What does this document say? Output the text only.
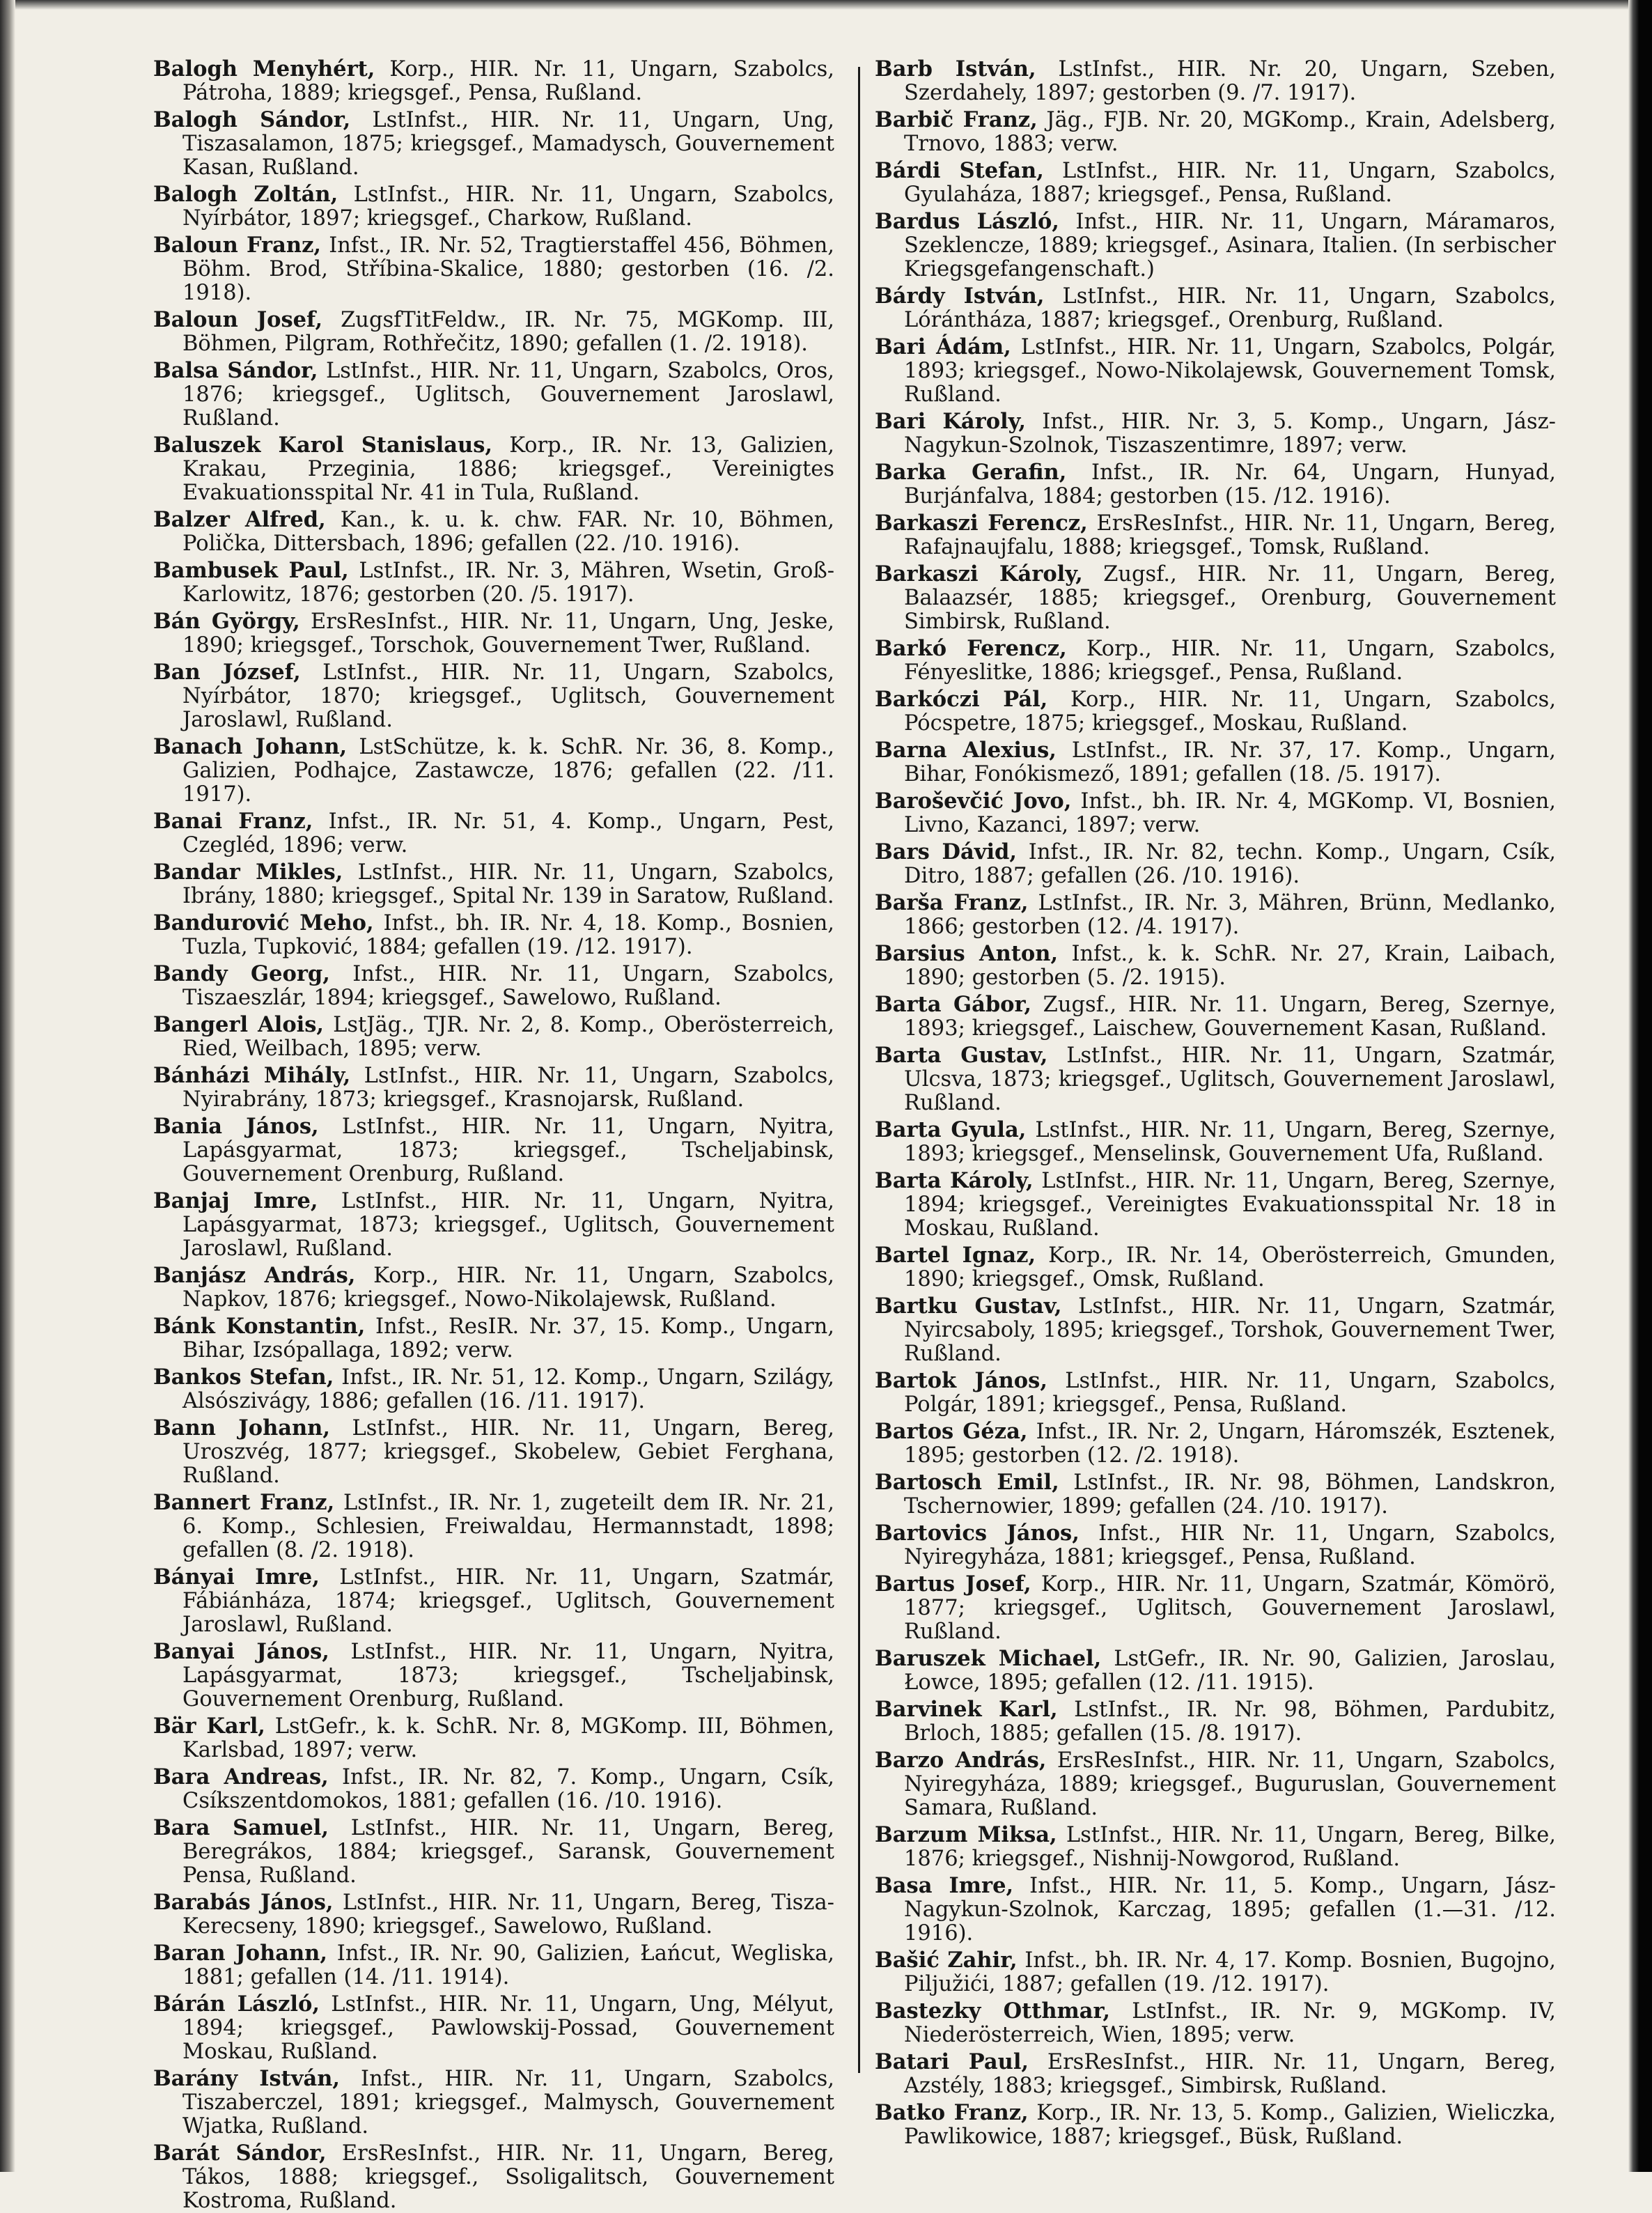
Balogh Menyhért, Korp., HIR. Nr. 11, Ungarn, Szabolcs, Pátroha, 1889; kriegsgef., Pensa, Rußland.

Balogh Sándor, LstInfst., HIR. Nr. 11, Ungarn, Ung, Tiszasalamon, 1875; kriegsgef., Mamadysch, Gouvernement Kasan, Rußland.

Balogh Zoltán, LstInfst., HIR. Nr. 11, Ungarn, Szabolcs, Nyírbátor, 1897; kriegsgef., Charkow, Rußland.

Baloun Franz, Infst., IR. Nr. 52, Tragtierstaffel 456, Böhmen, Böhm. Brod, Stříbina-Skalice, 1880; gestorben (16. /2. 1918).

Baloun Josef, ZugsfTitFeldw., IR. Nr. 75, MGKomp. III, Böhmen, Pilgram, Rothřečitz, 1890; gefallen (1. /2. 1918).

Balsa Sándor, LstInfst., HIR. Nr. 11, Ungarn, Szabolcs, Oros, 1876; kriegsgef., Uglitsch, Gouvernement Jaroslawl, Rußland.

Baluszek Karol Stanislaus, Korp., IR. Nr. 13, Galizien, Krakau, Przeginia, 1886; kriegsgef., Vereinigtes Evakuationsspital Nr. 41 in Tula, Rußland.

Balzer Alfred, Kan., k. u. k. chw. FAR. Nr. 10, Böhmen, Polička, Dittersbach, 1896; gefallen (22. /10. 1916).

Bambusek Paul, LstInfst., IR. Nr. 3, Mähren, Wsetin, Groß-Karlowitz, 1876; gestorben (20. /5. 1917).

Bán György, ErsResInfst., HIR. Nr. 11, Ungarn, Ung, Jeske, 1890; kriegsgef., Torschok, Gouvernement Twer, Rußland.

Ban József, LstInfst., HIR. Nr. 11, Ungarn, Szabolcs, Nyírbátor, 1870; kriegsgef., Uglitsch, Gouvernement Jaroslawl, Rußland.

Banach Johann, LstSchütze, k. k. SchR. Nr. 36, 8. Komp., Galizien, Podhajce, Zastawcze, 1876; gefallen (22. /11. 1917).

Banai Franz, Infst., IR. Nr. 51, 4. Komp., Ungarn, Pest, Czegléd, 1896; verw.

Bandar Mikles, LstInfst., HIR. Nr. 11, Ungarn, Szabolcs, Ibrány, 1880; kriegsgef., Spital Nr. 139 in Saratow, Rußland.

Bandurović Meho, Infst., bh. IR. Nr. 4, 18. Komp., Bosnien, Tuzla, Tupković, 1884; gefallen (19. /12. 1917).

Bandy Georg, Infst., HIR. Nr. 11, Ungarn, Szabolcs, Tiszaeszlár, 1894; kriegsgef., Sawelowo, Rußland.

Bangerl Alois, LstJäg., TJR. Nr. 2, 8. Komp., Oberösterreich, Ried, Weilbach, 1895; verw.

Bánházi Mihály, LstInfst., HIR. Nr. 11, Ungarn, Szabolcs, Nyirabrány, 1873; kriegsgef., Krasnojarsk, Rußland.

Bania János, LstInfst., HIR. Nr. 11, Ungarn, Nyitra, Lapásgyarmat, 1873; kriegsgef., Tscheljabinsk, Gouvernement Orenburg, Rußland.

Banjaj Imre, LstInfst., HIR. Nr. 11, Ungarn, Nyitra, Lapásgyarmat, 1873; kriegsgef., Uglitsch, Gouvernement Jaroslawl, Rußland.

Banjász András, Korp., HIR. Nr. 11, Ungarn, Szabolcs, Napkov, 1876; kriegsgef., Nowo-Nikolajewsk, Rußland.

Bánk Konstantin, Infst., ResIR. Nr. 37, 15. Komp., Ungarn, Bihar, Izsópallaga, 1892; verw.

Bankos Stefan, Infst., IR. Nr. 51, 12. Komp., Ungarn, Szilágy, Alsószivágy, 1886; gefallen (16. /11. 1917).

Bann Johann, LstInfst., HIR. Nr. 11, Ungarn, Bereg, Uroszvég, 1877; kriegsgef., Skobelew, Gebiet Ferghana, Rußland.

Bannert Franz, LstInfst., IR. Nr. 1, zugeteilt dem IR. Nr. 21, 6. Komp., Schlesien, Freiwaldau, Hermannstadt, 1898; gefallen (8. /2. 1918).

Bányai Imre, LstInfst., HIR. Nr. 11, Ungarn, Szatmár, Fábiánháza, 1874; kriegsgef., Uglitsch, Gouvernement Jaroslawl, Rußland.

Banyai János, LstInfst., HIR. Nr. 11, Ungarn, Nyitra, Lapásgyarmat, 1873; kriegsgef., Tscheljabinsk, Gouvernement Orenburg, Rußland.

Bär Karl, LstGefr., k. k. SchR. Nr. 8, MGKomp. III, Böhmen, Karlsbad, 1897; verw.

Bara Andreas, Infst., IR. Nr. 82, 7. Komp., Ungarn, Csík, Csíkszentdomokos, 1881; gefallen (16. /10. 1916).

Bara Samuel, LstInfst., HIR. Nr. 11, Ungarn, Bereg, Beregrákos, 1884; kriegsgef., Saransk, Gouvernement Pensa, Rußland.

Barabás János, LstInfst., HIR. Nr. 11, Ungarn, Bereg, Tisza-Kerecseny, 1890; kriegsgef., Sawelowo, Rußland.

Baran Johann, Infst., IR. Nr. 90, Galizien, Łańcut, Wegliska, 1881; gefallen (14. /11. 1914).

Bárán László, LstInfst., HIR. Nr. 11, Ungarn, Ung, Mélyut, 1894; kriegsgef., Pawlowskij-Possad, Gouvernement Moskau, Rußland.

Barány István, Infst., HIR. Nr. 11, Ungarn, Szabolcs, Tiszaberczel, 1891; kriegsgef., Malmysch, Gouvernement Wjatka, Rußland.

Barát Sándor, ErsResInfst., HIR. Nr. 11, Ungarn, Bereg, Tákos, 1888; kriegsgef., Ssoligalitsch, Gouvernement Kostroma, Rußland.

Barb István, LstInfst., HIR. Nr. 20, Ungarn, Szeben, Szerdahely, 1897; gestorben (9. /7. 1917).

Barbič Franz, Jäg., FJB. Nr. 20, MGKomp., Krain, Adelsberg, Trnovo, 1883; verw.

Bárdi Stefan, LstInfst., HIR. Nr. 11, Ungarn, Szabolcs, Gyulaháza, 1887; kriegsgef., Pensa, Rußland.

Bardus László, Infst., HIR. Nr. 11, Ungarn, Máramaros, Szeklencze, 1889; kriegsgef., Asinara, Italien. (In serbischer Kriegsgefangenschaft.)

Bárdy István, LstInfst., HIR. Nr. 11, Ungarn, Szabolcs, Lórántháza, 1887; kriegsgef., Orenburg, Rußland.

Bari Ádám, LstInfst., HIR. Nr. 11, Ungarn, Szabolcs, Polgár, 1893; kriegsgef., Nowo-Nikolajewsk, Gouvernement Tomsk, Rußland.

Bari Károly, Infst., HIR. Nr. 3, 5. Komp., Ungarn, Jász-Nagykun-Szolnok, Tiszaszentimre, 1897; verw.

Barka Gerafin, Infst., IR. Nr. 64, Ungarn, Hunyad, Burjánfalva, 1884; gestorben (15. /12. 1916).

Barkaszi Ferencz, ErsResInfst., HIR. Nr. 11, Ungarn, Bereg, Rafajnaujfalu, 1888; kriegsgef., Tomsk, Rußland.

Barkaszi Károly, Zugsf., HIR. Nr. 11, Ungarn, Bereg, Balaazsér, 1885; kriegsgef., Orenburg, Gouvernement Simbirsk, Rußland.

Barkó Ferencz, Korp., HIR. Nr. 11, Ungarn, Szabolcs, Fényeslitke, 1886; kriegsgef., Pensa, Rußland.

Barkóczi Pál, Korp., HIR. Nr. 11, Ungarn, Szabolcs, Pócspetre, 1875; kriegsgef., Moskau, Rußland.

Barna Alexius, LstInfst., IR. Nr. 37, 17. Komp., Ungarn, Bihar, Fonókismező, 1891; gefallen (18. /5. 1917).

Baroševčić Jovo, Infst., bh. IR. Nr. 4, MGKomp. VI, Bosnien, Livno, Kazanci, 1897; verw.

Bars Dávid, Infst., IR. Nr. 82, techn. Komp., Ungarn, Csík, Ditro, 1887; gefallen (26. /10. 1916).

Barša Franz, LstInfst., IR. Nr. 3, Mähren, Brünn, Medlanko, 1866; gestorben (12. /4. 1917).

Barsius Anton, Infst., k. k. SchR. Nr. 27, Krain, Laibach, 1890; gestorben (5. /2. 1915).

Barta Gábor, Zugsf., HIR. Nr. 11. Ungarn, Bereg, Szernye, 1893; kriegsgef., Laischew, Gouvernement Kasan, Rußland.

Barta Gustav, LstInfst., HIR. Nr. 11, Ungarn, Szatmár, Ulcsva, 1873; kriegsgef., Uglitsch, Gouvernement Jaroslawl, Rußland.

Barta Gyula, LstInfst., HIR. Nr. 11, Ungarn, Bereg, Szernye, 1893; kriegsgef., Menselinsk, Gouvernement Ufa, Rußland.

Barta Károly, LstInfst., HIR. Nr. 11, Ungarn, Bereg, Szernye, 1894; kriegsgef., Vereinigtes Evakuationsspital Nr. 18 in Moskau, Rußland.

Bartel Ignaz, Korp., IR. Nr. 14, Oberösterreich, Gmunden, 1890; kriegsgef., Omsk, Rußland.

Bartku Gustav, LstInfst., HIR. Nr. 11, Ungarn, Szatmár, Nyircsaboly, 1895; kriegsgef., Torshok, Gouvernement Twer, Rußland.

Bartok János, LstInfst., HIR. Nr. 11, Ungarn, Szabolcs, Polgár, 1891; kriegsgef., Pensa, Rußland.

Bartos Géza, Infst., IR. Nr. 2, Ungarn, Háromszék, Esztenek, 1895; gestorben (12. /2. 1918).

Bartosch Emil, LstInfst., IR. Nr. 98, Böhmen, Landskron, Tschernowier, 1899; gefallen (24. /10. 1917).

Bartovics János, Infst., HIR Nr. 11, Ungarn, Szabolcs, Nyiregyháza, 1881; kriegsgef., Pensa, Rußland.

Bartus Josef, Korp., HIR. Nr. 11, Ungarn, Szatmár, Kömörö, 1877; kriegsgef., Uglitsch, Gouvernement Jaroslawl, Rußland.

Baruszek Michael, LstGefr., IR. Nr. 90, Galizien, Jaroslau, Łowce, 1895; gefallen (12. /11. 1915).

Barvinek Karl, LstInfst., IR. Nr. 98, Böhmen, Pardubitz, Brloch, 1885; gefallen (15. /8. 1917).

Barzo András, ErsResInfst., HIR. Nr. 11, Ungarn, Szabolcs, Nyiregyháza, 1889; kriegsgef., Buguruslan, Gouvernement Samara, Rußland.

Barzum Miksa, LstInfst., HIR. Nr. 11, Ungarn, Bereg, Bilke, 1876; kriegsgef., Nishnij-Nowgorod, Rußland.

Basa Imre, Infst., HIR. Nr. 11, 5. Komp., Ungarn, Jász-Nagykun-Szolnok, Karczag, 1895; gefallen (1.—31. /12. 1916).

Bašić Zahir, Infst., bh. IR. Nr. 4, 17. Komp. Bosnien, Bugojno, Piljužići, 1887; gefallen (19. /12. 1917).

Bastezky Otthmar, LstInfst., IR. Nr. 9, MGKomp. IV, Niederösterreich, Wien, 1895; verw.

Batari Paul, ErsResInfst., HIR. Nr. 11, Ungarn, Bereg, Azstély, 1883; kriegsgef., Simbirsk, Rußland.

Batko Franz, Korp., IR. Nr. 13, 5. Komp., Galizien, Wieliczka, Pawlikowice, 1887; kriegsgef., Büsk, Rußland.
